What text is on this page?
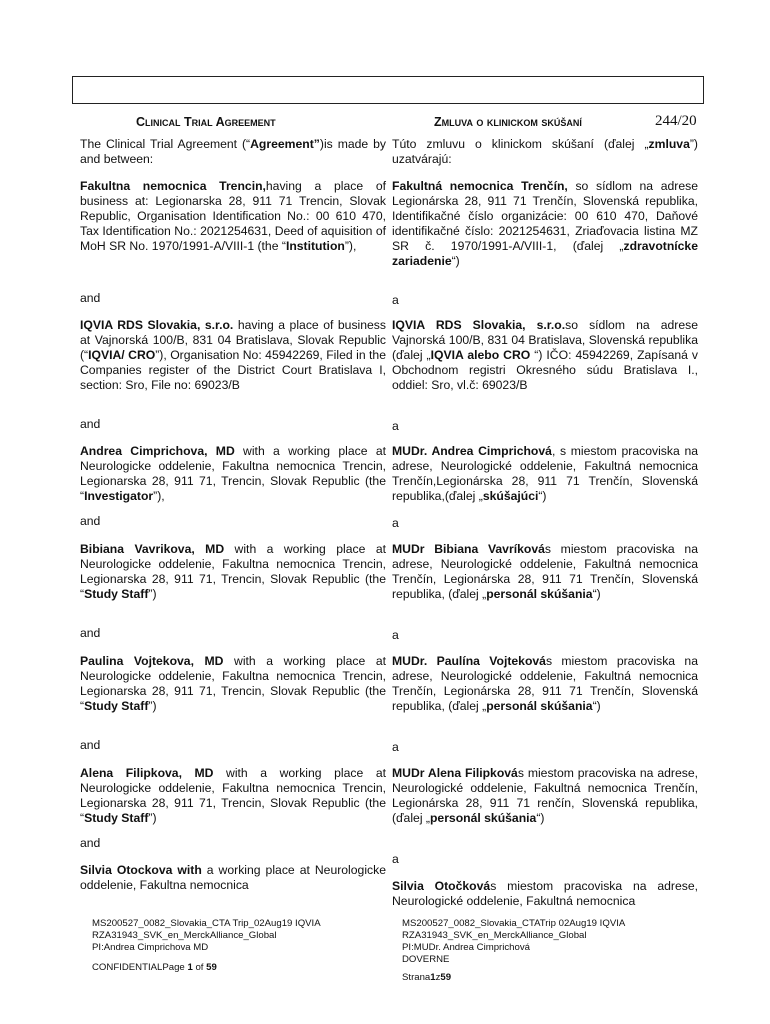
Clinical Trial Agreement	Zmluva o klinickom skúšaní	244/20
The Clinical Trial Agreement (“Agreement”)is made by and between:
Fakultna nemocnica Trencin,having a place of business at: Legionarska 28, 911 71 Trencin, Slovak Republic, Organisation Identification No.: 00 610 470, Tax Identification No.: 2021254631, Deed of aquisition of MoH SR No. 1970/1991-A/VIII-1 (the “Institution”),
and
IQVIA RDS Slovakia, s.r.o. having a place of business at Vajnorská 100/B, 831 04 Bratislava, Slovak Republic (“IQVIA/ CRO”), Organisation No: 45942269, Filed in the Companies register of the District Court Bratislava I, section: Sro, File no: 69023/B
and
Andrea Cimprichova, MD with a working place at Neurologicke oddelenie, Fakultna nemocnica Trencin, Legionarska 28, 911 71, Trencin, Slovak Republic (the “Investigator”),
and
Bibiana Vavrikova, MD with a working place at Neurologicke oddelenie, Fakultna nemocnica Trencin, Legionarska 28, 911 71, Trencin, Slovak Republic (the “Study Staff”)
and
Paulina Vojtekova, MD with a working place at Neurologicke oddelenie, Fakultna nemocnica Trencin, Legionarska 28, 911 71, Trencin, Slovak Republic (the “Study Staff”)
and
Alena Filipkova, MD with a working place at Neurologicke oddelenie, Fakultna nemocnica Trencin, Legionarska 28, 911 71, Trencin, Slovak Republic (the “Study Staff”)
and
Silvia Otockova with a working place at Neurologicke oddelenie, Fakultna nemocnica
MS200527_0082_Slovakia_CTA Trip_02Aug19 IQVIA
RZA31943_SVK_en_MerckAlliance_Global
PI:Andrea Cimprichova MD
CONFIDENTIALPage 1 of 59
Túto zmluvu o klinickom skúšaní (ďalej „zmluva”) uzatvárajú:
Fakultná nemocnica Trenčín, so sídlom na adrese Legionárska 28, 911 71 Trenčín, Slovenská republika, Identifikačné číslo organizácie: 00 610 470, Daňové identifikačné číslo: 2021254631, Zriaďovacia listina MZ SR č. 1970/1991-A/VIII-1, (ďalej „zdravotnícke zariadenie“)
a
IQVIA RDS Slovakia, s.r.o.so sídlom na adrese Vajnorská 100/B, 831 04 Bratislava, Slovenská republika (ďalej „IQVIA alebo CRO “) IČO: 45942269, Zapísaná v Obchodnom registri Okresného súdu Bratislava I., oddiel: Sro, vl.č: 69023/B
a
MUDr. Andrea Cimprichová, s miestom pracoviska na adrese, Neurologické oddelenie, Fakultná nemocnica Trenčín,Legionárska 28, 911 71 Trenčín, Slovenská republika,(ďalej „skúšajúci“)
a
MUDr Bibiana Vavríkovás miestom pracoviska na adrese, Neurologické oddelenie, Fakultná nemocnica Trenčín, Legionárska 28, 911 71 Trenčín, Slovenská republika, (ďalej „personál skúšania“)
a
MUDr. Paulína Vojtekovás miestom pracoviska na adrese, Neurologické oddelenie, Fakultná nemocnica Trenčín, Legionárska 28, 911 71 Trenčín, Slovenská republika, (ďalej „personál skúšania“)
a
MUDr Alena Filipkovás miestom pracoviska na adrese, Neurologické oddelenie, Fakultná nemocnica Trenčín, Legionárska 28, 911 71 renčín, Slovenská republika, (ďalej „personál skúšania“)
a
Silvia Otočkovás miestom pracoviska na adrese, Neurologické oddelenie, Fakultná nemocnica
MS200527_0082_Slovakia_CTATrip 02Aug19 IQVIA
RZA31943_SVK_en_MerckAlliance_Global
PI:MUDr. Andrea Cimprichová
DOVERNE
Strana1z59
